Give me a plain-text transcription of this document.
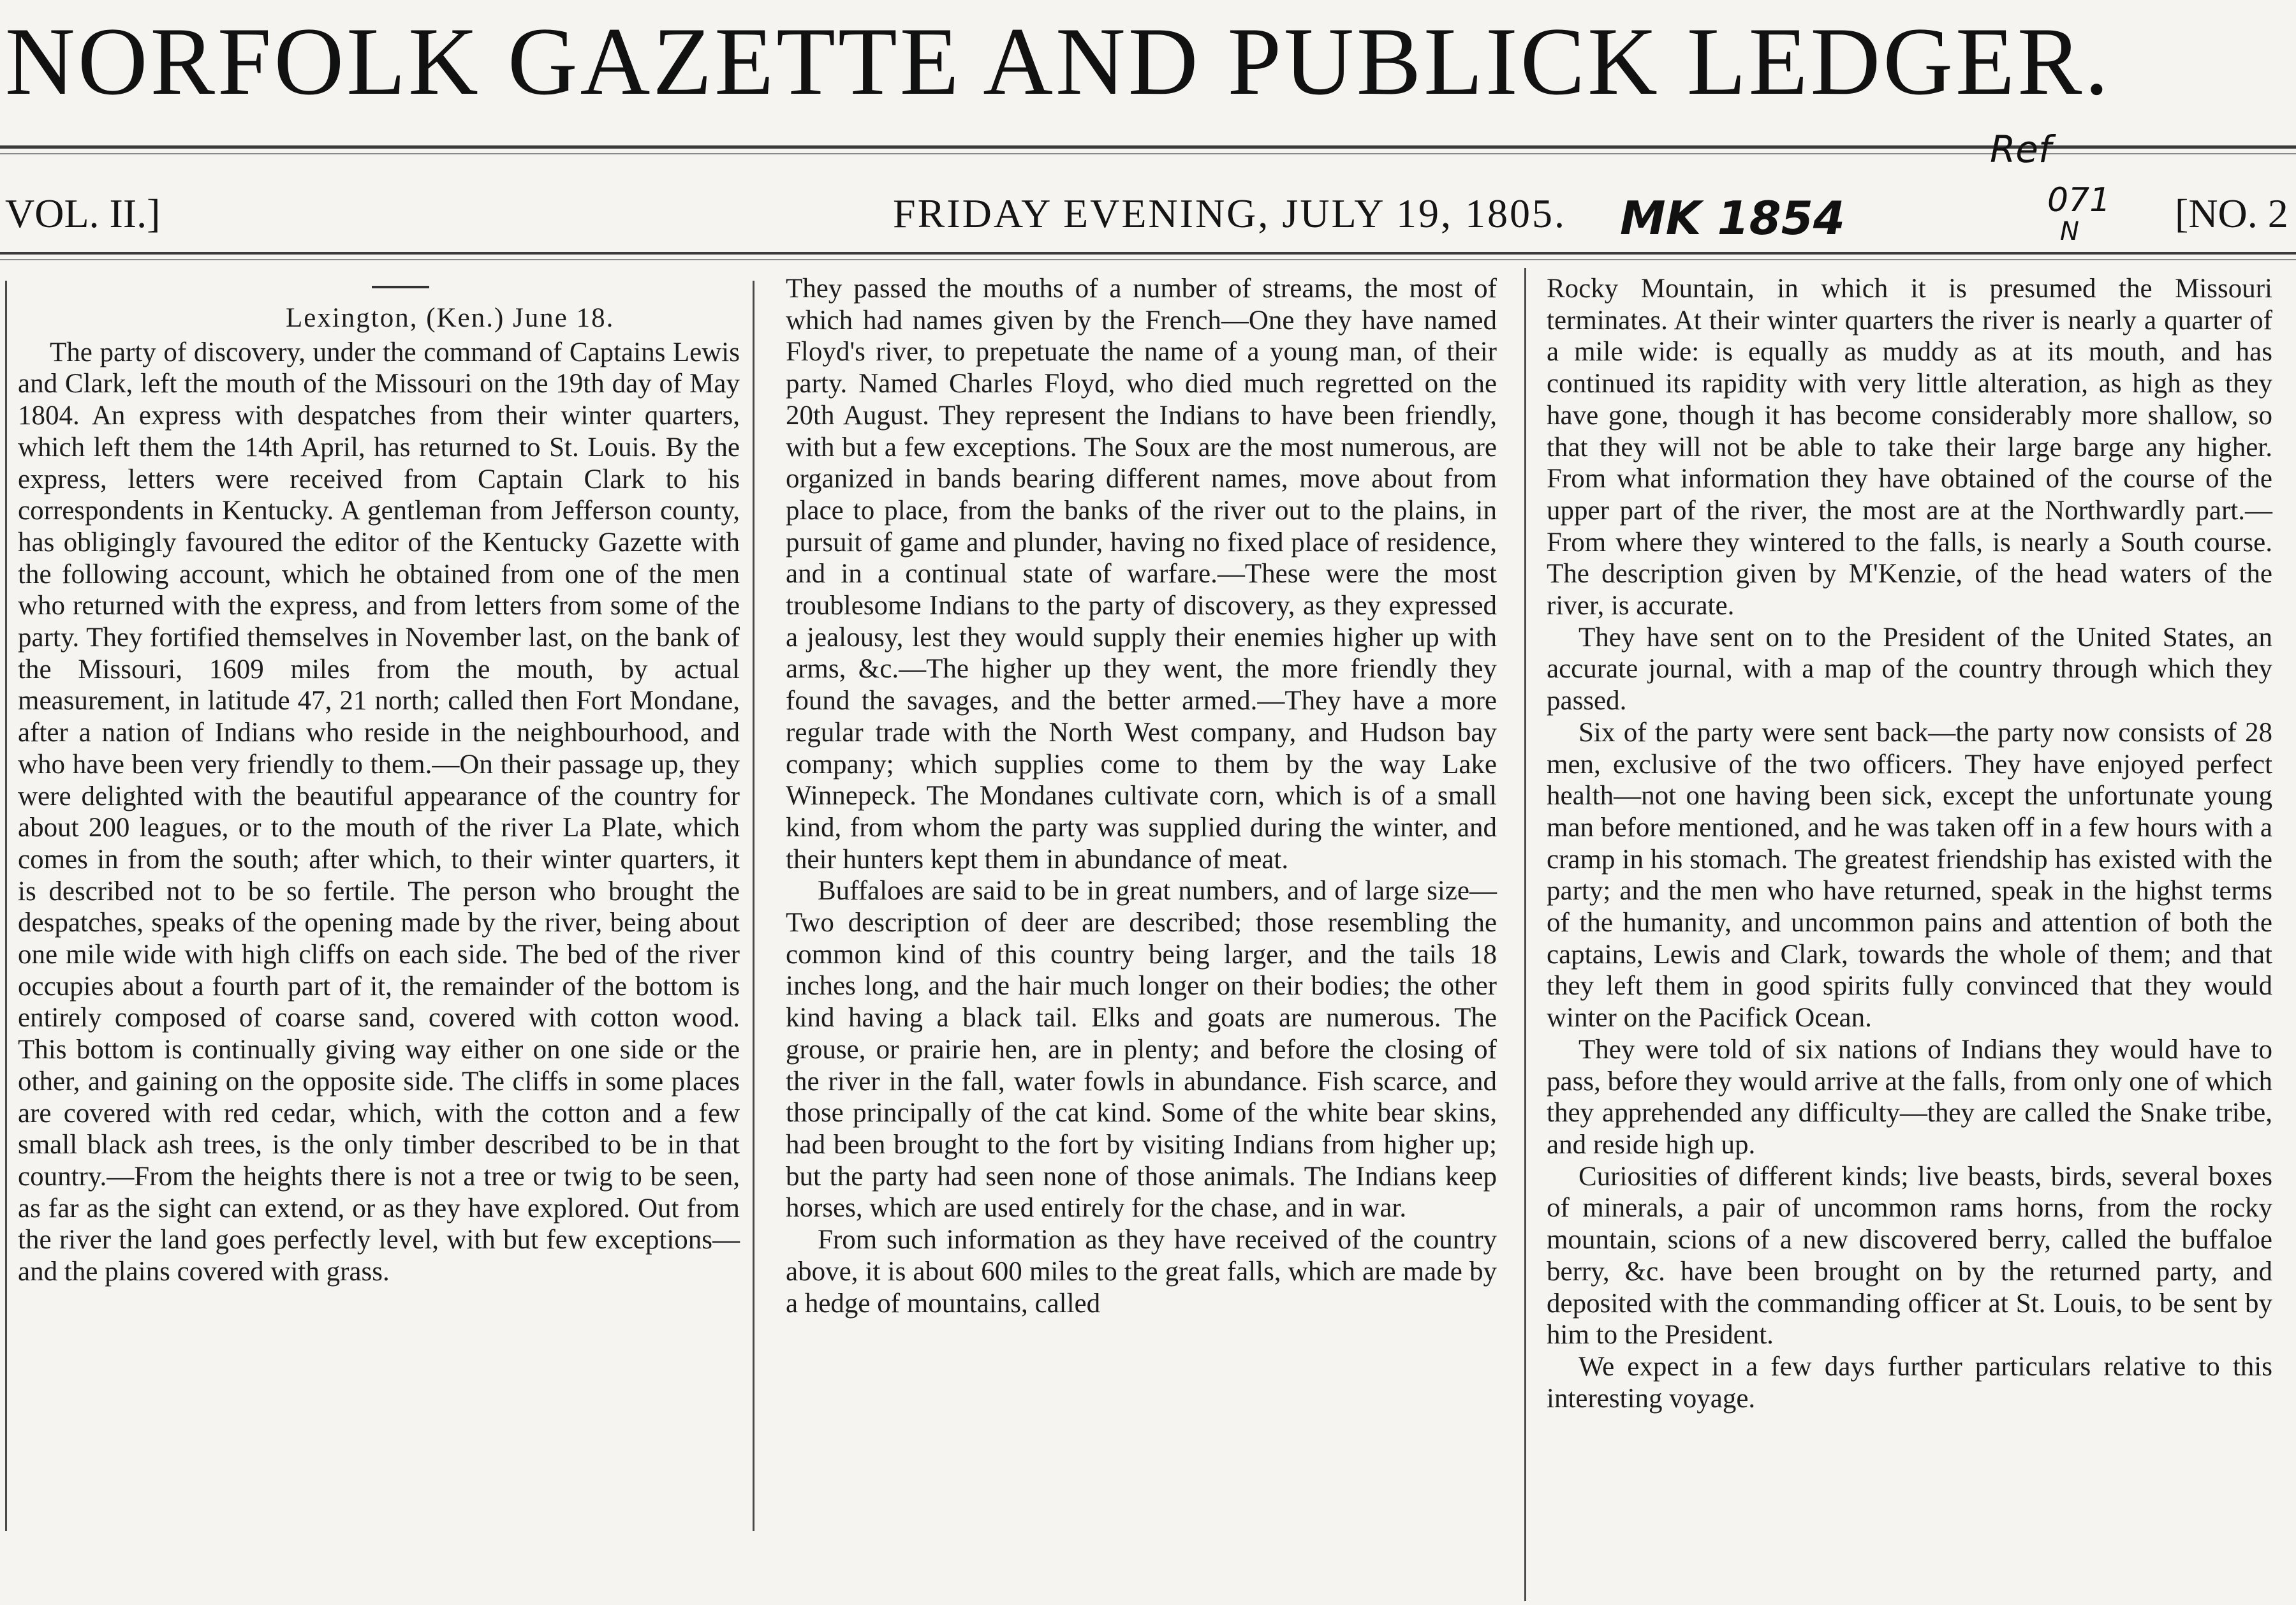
NORFOLK GAZETTE AND PUBLICK LEDGER.
VOL. II.]	FRIDAY EVENING, JULY 19, 1805.	[NO. 2
Ref
MK 1854	071
N
Lexington, (Ken.) June 18.

The party of discovery, under the command of Captains Lewis and Clark, left the mouth of the Missouri on the 19th day of May 1804. An express with despatches from their winter quarters, which left them the 14th April, has returned to St. Louis. By the express, letters were received from Captain Clark to his correspondents in Kentucky. A gentleman from Jefferson county, has obligingly favoured the editor of the Kentucky Gazette with the following account, which he obtained from one of the men who returned with the express, and from letters from some of the party. They fortified themselves in November last, on the bank of the Missouri, 1609 miles from the mouth, by actual measurement, in latitude 47, 21 north; called then Fort Mondane, after a nation of Indians who reside in the neighbourhood, and who have been very friendly to them.—On their passage up, they were delighted with the beautiful appearance of the country for about 200 leagues, or to the mouth of the river La Plate, which comes in from the south; after which, to their winter quarters, it is described not to be so fertile. The person who brought the despatches, speaks of the opening made by the river, being about one mile wide with high cliffs on each side. The bed of the river occupies about a fourth part of it, the remainder of the bottom is entirely composed of coarse sand, covered with cotton wood. This bottom is continually giving way either on one side or the other, and gaining on the opposite side. The cliffs in some places are covered with red cedar, which, with the cotton and a few small black ash trees, is the only timber described to be in that country.—From the heights there is not a tree or twig to be seen, as far as the sight can extend, or as they have explored. Out from the river the land goes perfectly level, with but few exceptions—and the plains covered with grass.

They passed the mouths of a number of streams, the most of which had names given by the French—One they have named Floyd's river, to prepetuate the name of a young man, of their party. Named Charles Floyd, who died much regretted on the 20th August. They represent the Indians to have been friendly, with but a few exceptions. The Soux are the most numerous, are organized in bands bearing different names, move about from place to place, from the banks of the river out to the plains, in pursuit of game and plunder, having no fixed place of residence, and in a continual state of warfare.—These were the most troublesome Indians to the party of discovery, as they expressed a jealousy, lest they would supply their enemies higher up with arms, &c.—The higher up they went, the more friendly they found the savages, and the better armed.—They have a more regular trade with the North West company, and Hudson bay company; which supplies come to them by the way Lake Winnepeck. The Mondanes cultivate corn, which is of a small kind, from whom the party was supplied during the winter, and their hunters kept them in abundance of meat.

Buffaloes are said to be in great numbers, and of large size—Two description of deer are described; those resembling the common kind of this country being larger, and the tails 18 inches long, and the hair much longer on their bodies; the other kind having a black tail. Elks and goats are numerous. The grouse, or prairie hen, are in plenty; and before the closing of the river in the fall, water fowls in abundance. Fish scarce, and those principally of the cat kind. Some of the white bear skins, had been brought to the fort by visiting Indians from higher up; but the party had seen none of those animals. The Indians keep horses, which are used entirely for the chase, and in war.

From such information as they have received of the country above, it is about 600 miles to the great falls, which are made by a hedge of mountains, called

Rocky Mountain, in which it is presumed the Missouri terminates. At their winter quarters the river is nearly a quarter of a mile wide: is equally as muddy as at its mouth, and has continued its rapidity with very little alteration, as high as they have gone, though it has become considerably more shallow, so that they will not be able to take their large barge any higher. From what information they have obtained of the course of the upper part of the river, the most are at the Northwardly part.—From where they wintered to the falls, is nearly a South course. The description given by M'Kenzie, of the head waters of the river, is accurate.

They have sent on to the President of the United States, an accurate journal, with a map of the country through which they passed.

Six of the party were sent back—the party now consists of 28 men, exclusive of the two officers. They have enjoyed perfect health—not one having been sick, except the unfortunate young man before mentioned, and he was taken off in a few hours with a cramp in his stomach. The greatest friendship has existed with the party; and the men who have returned, speak in the highst terms of the humanity, and uncommon pains and attention of both the captains, Lewis and Clark, towards the whole of them; and that they left them in good spirits fully convinced that they would winter on the Pacifick Ocean.

They were told of six nations of Indians they would have to pass, before they would arrive at the falls, from only one of which they apprehended any difficulty—they are called the Snake tribe, and reside high up.

Curiosities of different kinds; live beasts, birds, several boxes of minerals, a pair of uncommon rams horns, from the rocky mountain, scions of a new discovered berry, called the buffaloe berry, &c. have been brought on by the returned party, and deposited with the commanding officer at St. Louis, to be sent by him to the President.

We expect in a few days further particulars relative to this interesting voyage.
